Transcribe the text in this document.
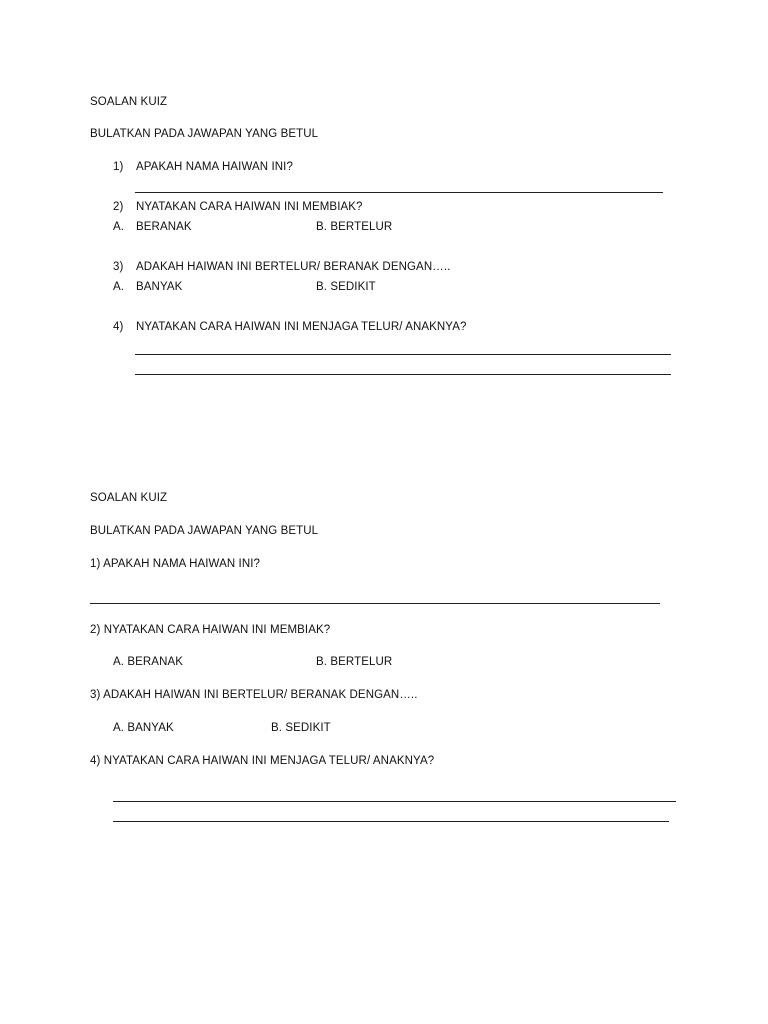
SOALAN KUIZ
BULATKAN PADA JAWAPAN YANG BETUL
1) APAKAH NAMA HAIWAN INI?
2) NYATAKAN CARA HAIWAN INI MEMBIAK?
A. BERANAK	B. BERTELUR
3) ADAKAH HAIWAN INI BERTELUR/ BERANAK DENGAN…..
A. BANYAK	B. SEDIKIT
4) NYATAKAN CARA HAIWAN INI MENJAGA TELUR/ ANAKNYA?
SOALAN KUIZ
BULATKAN PADA JAWAPAN YANG BETUL
1) APAKAH NAMA HAIWAN INI?
2) NYATAKAN CARA HAIWAN INI MEMBIAK?
A. BERANAK	B. BERTELUR
3) ADAKAH HAIWAN INI BERTELUR/ BERANAK DENGAN…..
A. BANYAK	B. SEDIKIT
4) NYATAKAN CARA HAIWAN INI MENJAGA TELUR/ ANAKNYA?
